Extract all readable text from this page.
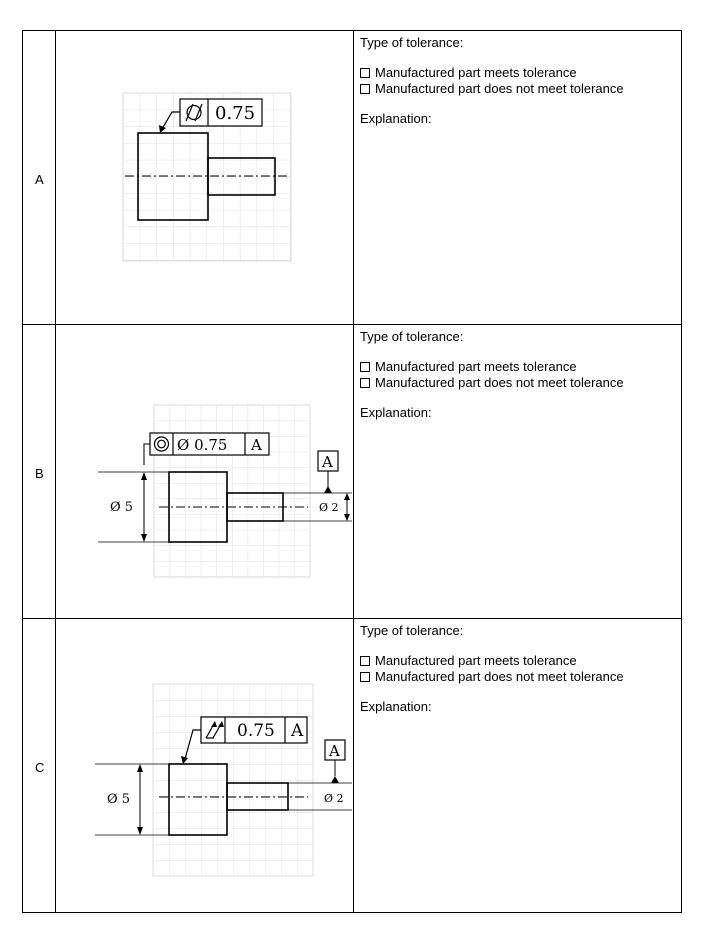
A
0.75

Type of tolerance:

Manufactured part meets tolerance

Manufactured part does not meet tolerance

Explanation:

B
Ø 5	Ø 2
A
Ø 0.75 A

Type of tolerance:

Manufactured part meets tolerance

Manufactured part does not meet tolerance

Explanation:

C
Ø 5	Ø 2
A
0.75 A

Type of tolerance:

Manufactured part meets tolerance

Manufactured part does not meet tolerance

Explanation:
